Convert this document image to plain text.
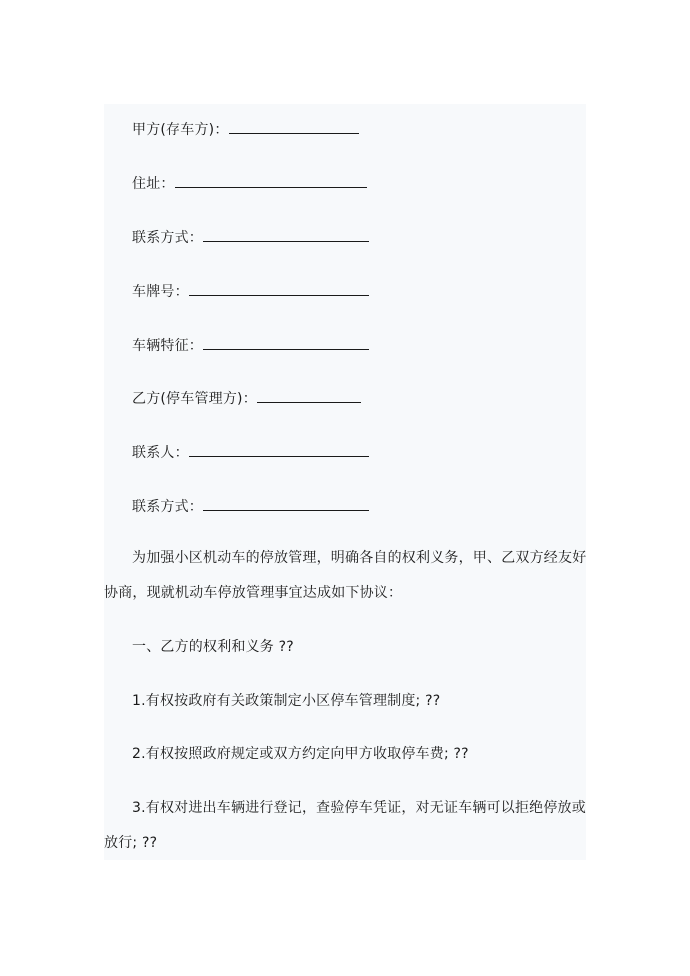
甲方(存车方)：
住址：
联系方式：
车牌号：
车辆特征：
乙方(停车管理方)：
联系人：
联系方式：
为加强小区机动车的停放管理，明确各自的权利义务，甲、乙双方经友好
协商，现就机动车停放管理事宜达成如下协议：
一、乙方的权利和义务 ??
1.有权按政府有关政策制定小区停车管理制度; ??
2.有权按照政府规定或双方约定向甲方收取停车费; ??
3.有权对进出车辆进行登记，查验停车凭证，对无证车辆可以拒绝停放或
放行; ??
